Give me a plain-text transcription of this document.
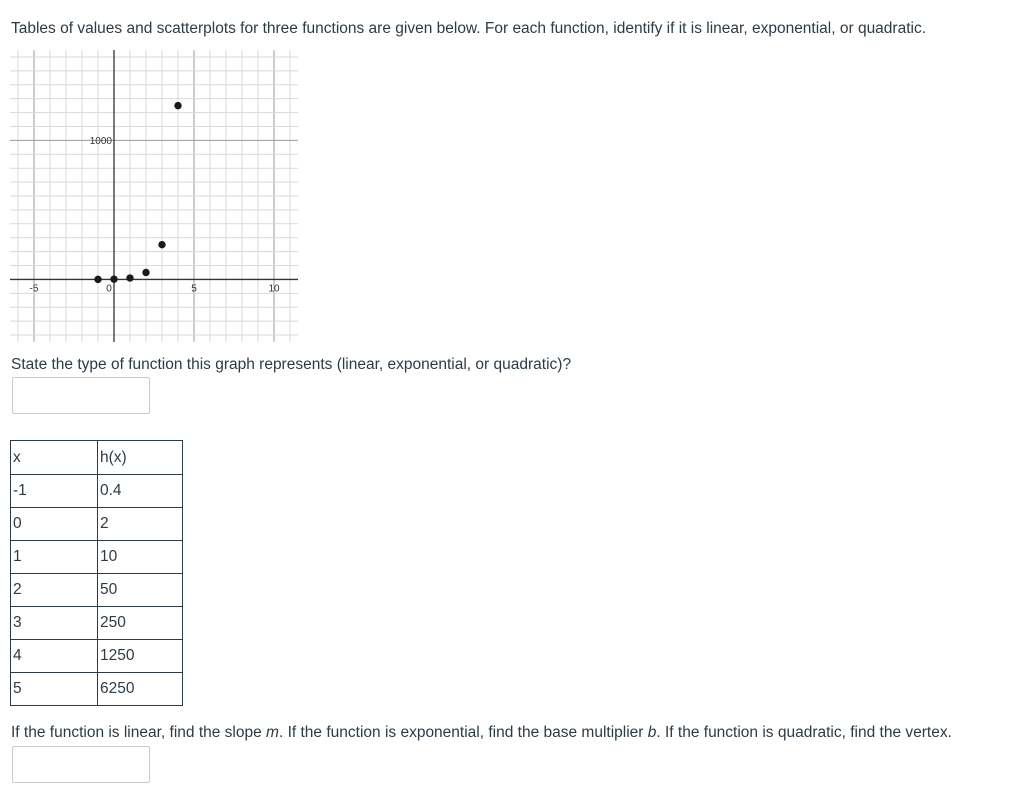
Tables of values and scatterplots for three functions are given below. For each function, identify if it is linear, exponential, or quadratic.
-5	0	5	10
1000
State the type of function this graph represents (linear, exponential, or quadratic)?
x	h(x)
-1	0.4
0	2
1	10
2	50
3	250
4	1250
5	6250
If the function is linear, find the slope m. If the function is exponential, find the base multiplier b. If the function is quadratic, find the vertex.
